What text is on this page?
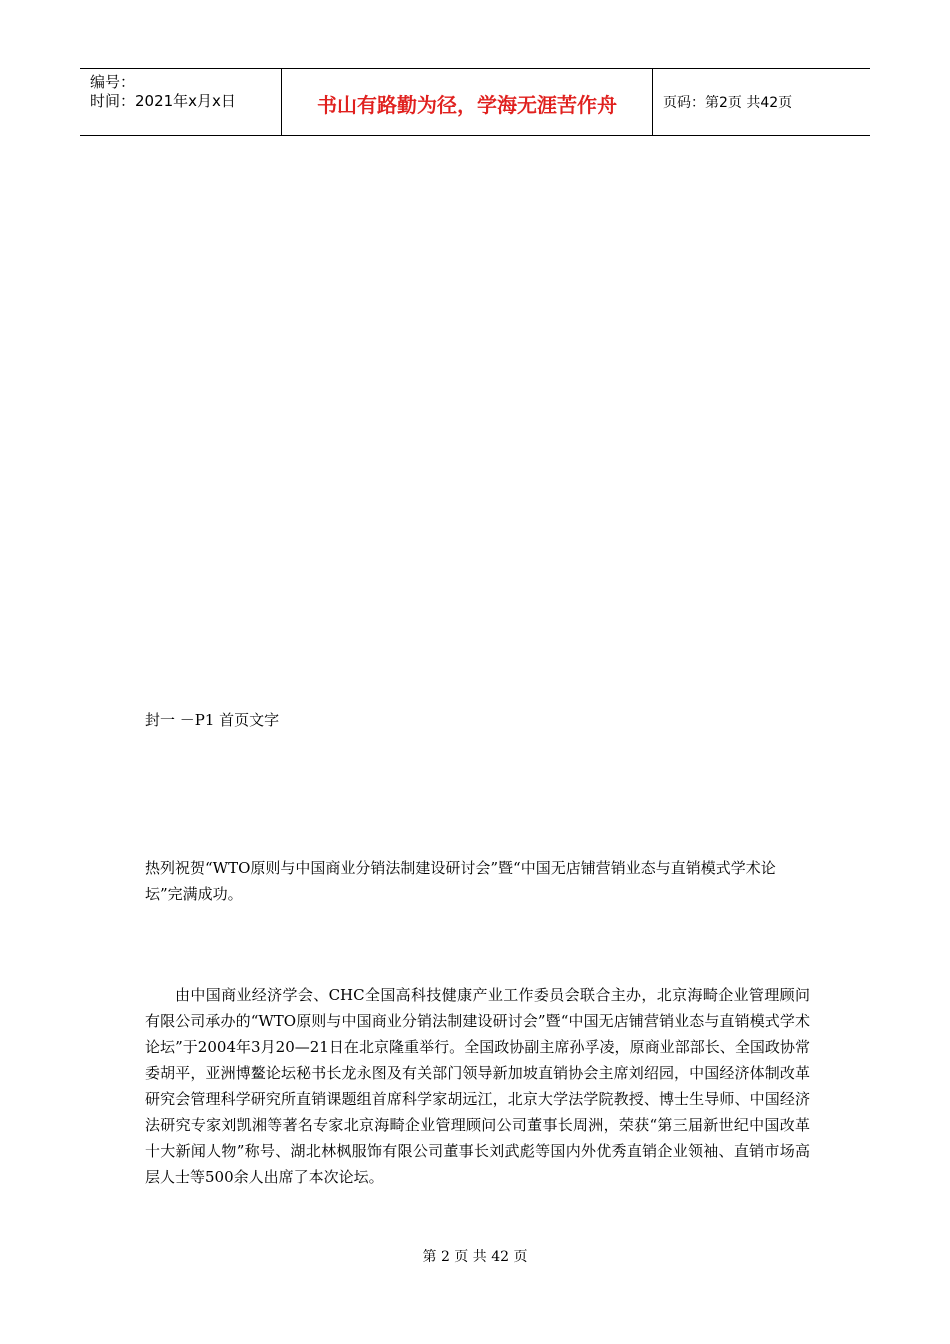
编号：
时间：2021年x月x日	书山有路勤为径，学海无涯苦作舟	页码：第2页 共42页
封一 －P1 首页文字
热列祝贺“WTO原则与中国商业分销法制建设研讨会”暨“中国无店铺营销业态与直销模式学术论坛”完满成功。
由中国商业经济学会、CHC全国高科技健康产业工作委员会联合主办，北京海畸企业管理顾问有限公司承办的“WTO原则与中国商业分销法制建设研讨会”暨“中国无店铺营销业态与直销模式学术论坛”于2004年3月20—21日在北京隆重举行。全国政协副主席孙孚凌，原商业部部长、全国政协常委胡平，亚洲博鳌论坛秘书长龙永图及有关部门领导新加坡直销协会主席刘绍园，中国经济体制改革研究会管理科学研究所直销课题组首席科学家胡远江，北京大学法学院教授、博士生导师、中国经济法研究专家刘凯湘等著名专家北京海畸企业管理顾问公司董事长周洲，荣获“第三届新世纪中国改革十大新闻人物”称号、湖北林枫服饰有限公司董事长刘武彪等国内外优秀直销企业领袖、直销市场高层人士等500余人出席了本次论坛。
第 2 页 共 42 页
